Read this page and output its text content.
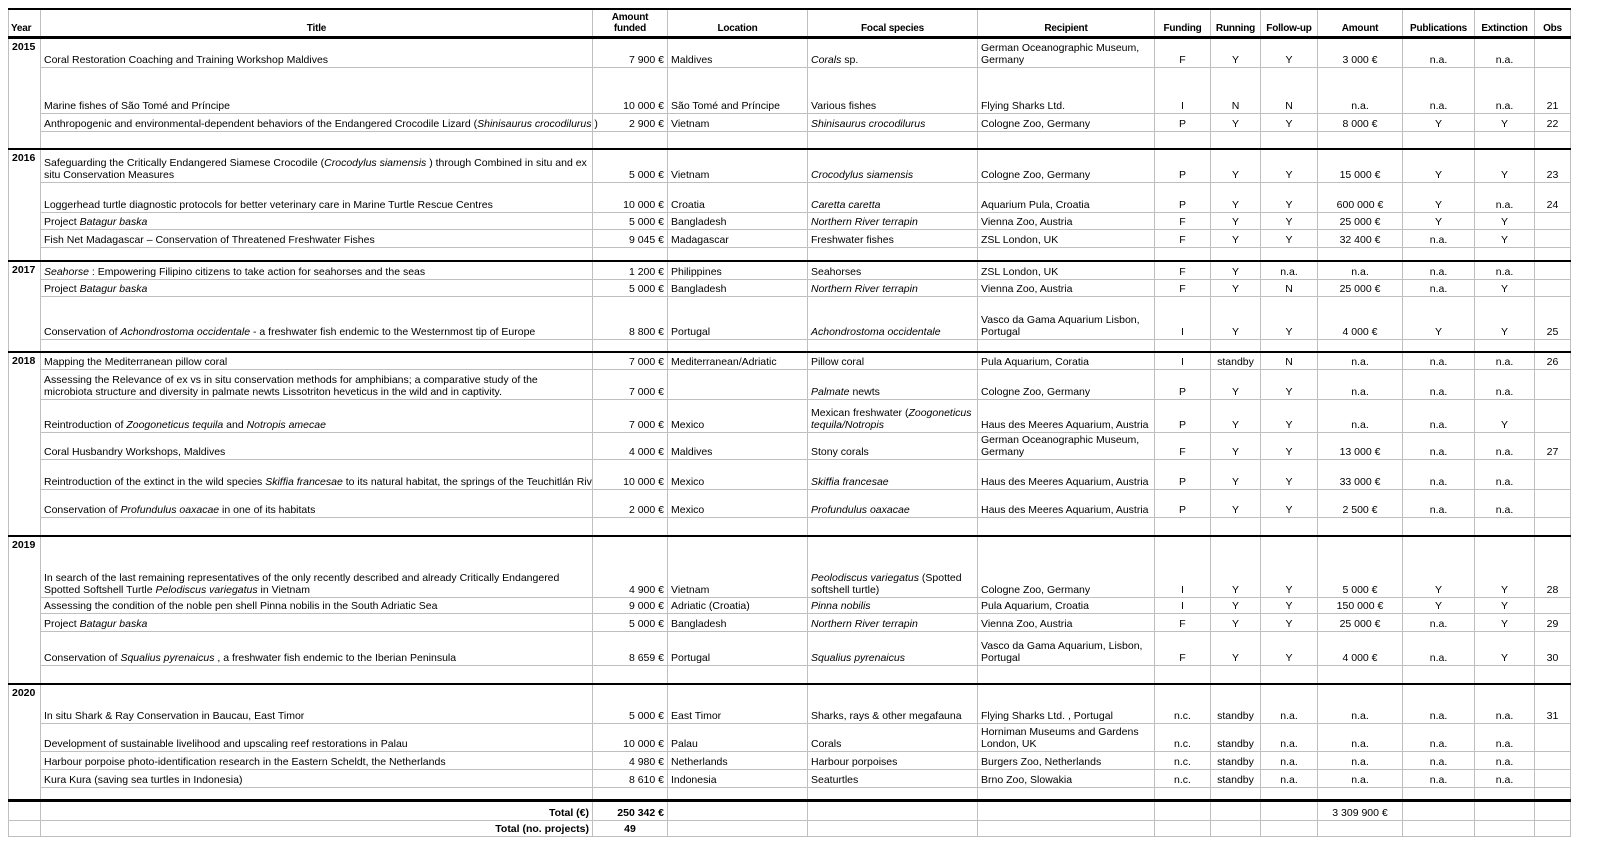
Year	Title	Amount funded	Location	Focal species	Recipient	Funding	Running	Follow-up	Amount	Publications	Extinction	Obs
2015	Coral Restoration Coaching and Training Workshop Maldives	7 900 €	Maldives	Corals sp.	German Oceanographic Museum, Germany	F	Y	Y	3 000 €	n.a.	n.a.	
	Marine fishes of São Tomé and Príncipe	10 000 €	São Tomé and Príncipe	Various fishes	Flying Sharks Ltd.	I	N	N	n.a.	n.a.	n.a.	21
	Anthropogenic and environmental-dependent behaviors of the Endangered Crocodile Lizard (Shinisaurus crocodilurus )	2 900 €	Vietnam	Shinisaurus crocodilurus	Cologne Zoo, Germany	P	Y	Y	8 000 €	Y	Y	22

2016	Safeguarding the Critically Endangered Siamese Crocodile (Crocodylus siamensis ) through Combined in situ and ex situ Conservation Measures	5 000 €	Vietnam	Crocodylus siamensis	Cologne Zoo, Germany	P	Y	Y	15 000 €	Y	Y	23
	Loggerhead turtle diagnostic protocols for better veterinary care in Marine Turtle Rescue Centres	10 000 €	Croatia	Caretta caretta	Aquarium Pula, Croatia	P	Y	Y	600 000 €	Y	n.a.	24
	Project Batagur baska	5 000 €	Bangladesh	Northern River terrapin	Vienna Zoo, Austria	F	Y	Y	25 000 €	Y	Y	
	Fish Net Madagascar – Conservation of Threatened Freshwater Fishes	9 045 €	Madagascar	Freshwater fishes	ZSL London, UK	F	Y	Y	32 400 €	n.a.	Y	

2017	Seahorse : Empowering Filipino citizens to take action for seahorses and the seas	1 200 €	Philippines	Seahorses	ZSL London, UK	F	Y	n.a.	n.a.	n.a.	n.a.	
	Project Batagur baska	5 000 €	Bangladesh	Northern River terrapin	Vienna Zoo, Austria	F	Y	N	25 000 €	n.a.	Y	
	Conservation of Achondrostoma occidentale - a freshwater fish endemic to the Westernmost tip of Europe	8 800 €	Portugal	Achondrostoma occidentale	Vasco da Gama Aquarium Lisbon, Portugal	I	Y	Y	4 000 €	Y	Y	25

2018	Mapping the Mediterranean pillow coral	7 000 €	Mediterranean/Adriatic	Pillow coral	Pula Aquarium, Coratia	I	standby	N	n.a.	n.a.	n.a.	26
	Assessing the Relevance of ex vs in situ conservation methods for amphibians; a comparative study of the microbiota structure and diversity in palmate newts Lissotriton heveticus in the wild and in captivity.	7 000 €		Palmate newts	Cologne Zoo, Germany	P	Y	Y	n.a.	n.a.	n.a.	
	Reintroduction of Zoogoneticus tequila and Notropis amecae	7 000 €	Mexico	Mexican freshwater (Zoogoneticus tequila/Notropis	Haus des Meeres Aquarium, Austria	P	Y	Y	n.a.	n.a.	Y	
	Coral Husbandry Workshops, Maldives	4 000 €	Maldives	Stony corals	German Oceanographic Museum, Germany	F	Y	Y	13 000 €	n.a.	n.a.	27
	Reintroduction of the extinct in the wild species Skiffia francesae to its natural habitat, the springs of the Teuchitlán Riv	10 000 €	Mexico	Skiffia francesae	Haus des Meeres Aquarium, Austria	P	Y	Y	33 000 €	n.a.	n.a.	
	Conservation of Profundulus oaxacae in one of its habitats	2 000 €	Mexico	Profundulus oaxacae	Haus des Meeres Aquarium, Austria	P	Y	Y	2 500 €	n.a.	n.a.	

2019	In search of the last remaining representatives of the only recently described and already Critically Endangered Spotted Softshell Turtle Pelodiscus variegatus in Vietnam	4 900 €	Vietnam	Peolodiscus variegatus (Spotted softshell turtle)	Cologne Zoo, Germany	I	Y	Y	5 000 €	Y	Y	28
	Assessing the condition of the noble pen shell Pinna nobilis in the South Adriatic Sea	9 000 €	Adriatic (Croatia)	Pinna nobilis	Pula Aquarium, Croatia	I	Y	Y	150 000 €	Y	Y	
	Project Batagur baska	5 000 €	Bangladesh	Northern River terrapin	Vienna Zoo, Austria	F	Y	Y	25 000 €	n.a.	Y	29
	Conservation of Squalius pyrenaicus , a freshwater fish endemic to the Iberian Peninsula	8 659 €	Portugal	Squalius pyrenaicus	Vasco da Gama Aquarium, Lisbon, Portugal	F	Y	Y	4 000 €	n.a.	Y	30

2020	In situ Shark & Ray Conservation in Baucau, East Timor	5 000 €	East Timor	Sharks, rays & other megafauna	Flying Sharks Ltd. , Portugal	n.c.	standby	n.a.	n.a.	n.a.	n.a.	31
	Development of sustainable livelihood and upscaling reef restorations in Palau	10 000 €	Palau	Corals	Horniman Museums and Gardens London, UK	n.c.	standby	n.a.	n.a.	n.a.	n.a.	
	Harbour porpoise photo-identification research in the Eastern Scheldt, the Netherlands	4 980 €	Netherlands	Harbour porpoises	Burgers Zoo, Netherlands	n.c.	standby	n.a.	n.a.	n.a.	n.a.	
	Kura Kura (saving sea turtles in Indonesia)	8 610 €	Indonesia	Seaturtles	Brno Zoo, Slowakia	n.c.	standby	n.a.	n.a.	n.a.	n.a.	

	Total (€)	250 342 €							3 309 900 €			
	Total (no. projects)	49										
